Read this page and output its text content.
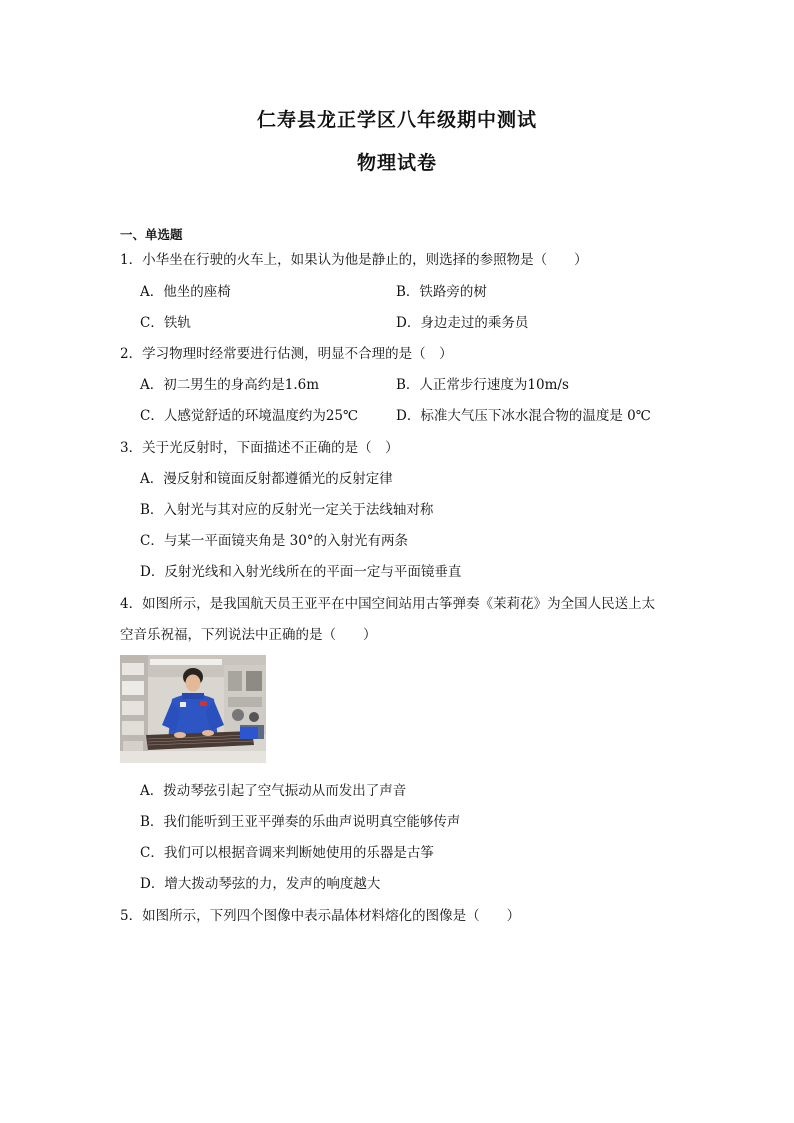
仁寿县龙正学区八年级期中测试
物理试卷
一、单选题
1．小华坐在行驶的火车上，如果认为他是静止的，则选择的参照物是（　　）
A．他坐的座椅	B．铁路旁的树
C．铁轨	D．身边走过的乘务员
2．学习物理时经常要进行估测，明显不合理的是（　）
A．初二男生的身高约是1.6m	B．人正常步行速度为10m/s
C．人感觉舒适的环境温度约为25℃	D．标准大气压下冰水混合物的温度是 0℃
3．关于光反射时，下面描述不正确的是（　）
A．漫反射和镜面反射都遵循光的反射定律
B．入射光与其对应的反射光一定关于法线轴对称
C．与某一平面镜夹角是 30°的入射光有两条
D．反射光线和入射光线所在的平面一定与平面镜垂直
4．如图所示，是我国航天员王亚平在中国空间站用古筝弹奏《茉莉花》为全国人民送上太
空音乐祝福，下列说法中正确的是（　　）
A．拨动琴弦引起了空气振动从而发出了声音
B．我们能听到王亚平弹奏的乐曲声说明真空能够传声
C．我们可以根据音调来判断她使用的乐器是古筝
D．增大拨动琴弦的力，发声的响度越大
5．如图所示，下列四个图像中表示晶体材料熔化的图像是（　　）
